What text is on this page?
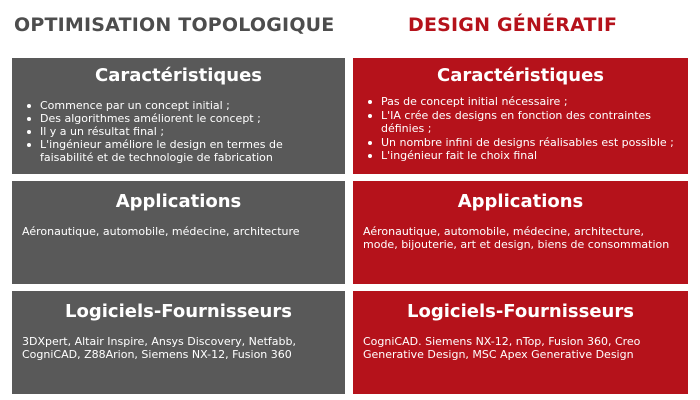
OPTIMISATION TOPOLOGIQUE	DESIGN GÉNÉRATIF
Caractéristiques
Commence par un concept initial ;
Des algorithmes améliorent le concept ;
Il y a un résultat final ;
L'ingénieur améliore le design en termes de faisabilité et de technologie de fabrication
Applications
Aéronautique, automobile, médecine, architecture
Logiciels-Fournisseurs
3DXpert, Altair Inspire, Ansys Discovery, Netfabb, CogniCAD, Z88Arion, Siemens NX-12, Fusion 360
Caractéristiques
Pas de concept initial nécessaire ;
L'IA crée des designs en fonction des contraintes définies ;
Un nombre infini de designs réalisables est possible ;
L'ingénieur fait le choix final
Applications
Aéronautique, automobile, médecine, architecture, mode, bijouterie, art et design, biens de consommation
Logiciels-Fournisseurs
CogniCAD. Siemens NX-12, nTop, Fusion 360, Creo Generative Design, MSC Apex Generative Design
